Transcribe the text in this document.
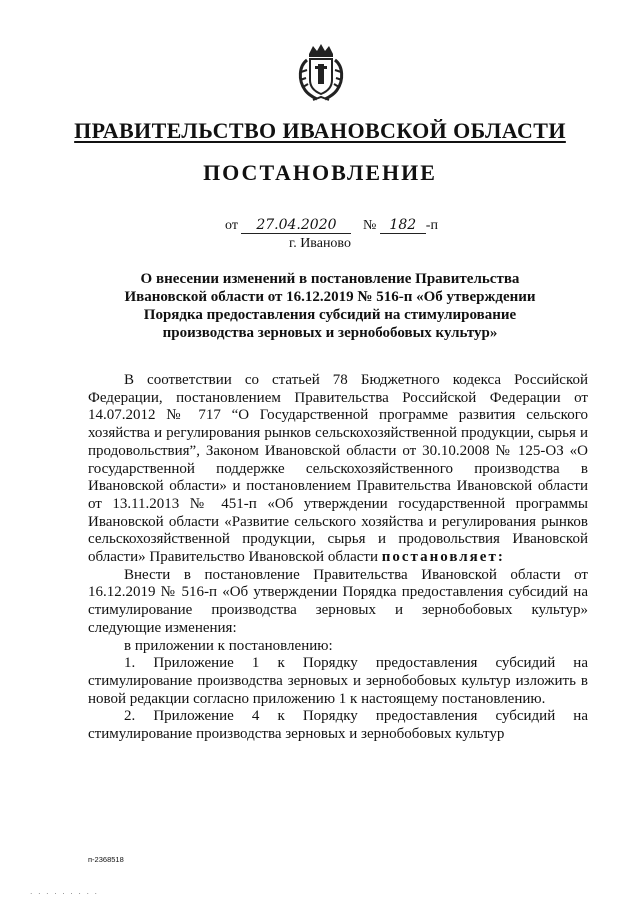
ПРАВИТЕЛЬСТВО ИВАНОВСКОЙ ОБЛАСТИ
ПОСТАНОВЛЕНИЕ
от 27.04.2020 № 182 -п
г. Иваново
О внесении изменений в постановление Правительства Ивановской области от 16.12.2019 № 516-п «Об утверждении Порядка предоставления субсидий на стимулирование производства зерновых и зернобобовых культур»

В соответствии со статьей 78 Бюджетного кодекса Российской Федерации, постановлением Правительства Российской Федерации от 14.07.2012 № 717 “О Государственной программе развития сельского хозяйства и регулирования рынков сельскохозяйственной продукции, сырья и продовольствия”, Законом Ивановской области от 30.10.2008 № 125-ОЗ «О государственной поддержке сельскохозяйственного производства в Ивановской области» и постановлением Правительства Ивановской области от 13.11.2013 № 451-п «Об утверждении государственной программы Ивановской области «Развитие сельского хозяйства и регулирования рынков сельскохозяйственной продукции, сырья и продовольствия Ивановской области» Правительство Ивановской области постановляет:

Внести в постановление Правительства Ивановской области от 16.12.2019 № 516-п «Об утверждении Порядка предоставления субсидий на стимулирование производства зерновых и зернобобовых культур» следующие изменения:

в приложении к постановлению:

1. Приложение 1 к Порядку предоставления субсидий на стимулирование производства зерновых и зернобобовых культур изложить в новой редакции согласно приложению 1 к настоящему постановлению.

2. Приложение 4 к Порядку предоставления субсидий на стимулирование производства зерновых и зернобобовых культур

п-2368518
· · · · · · · · ·
